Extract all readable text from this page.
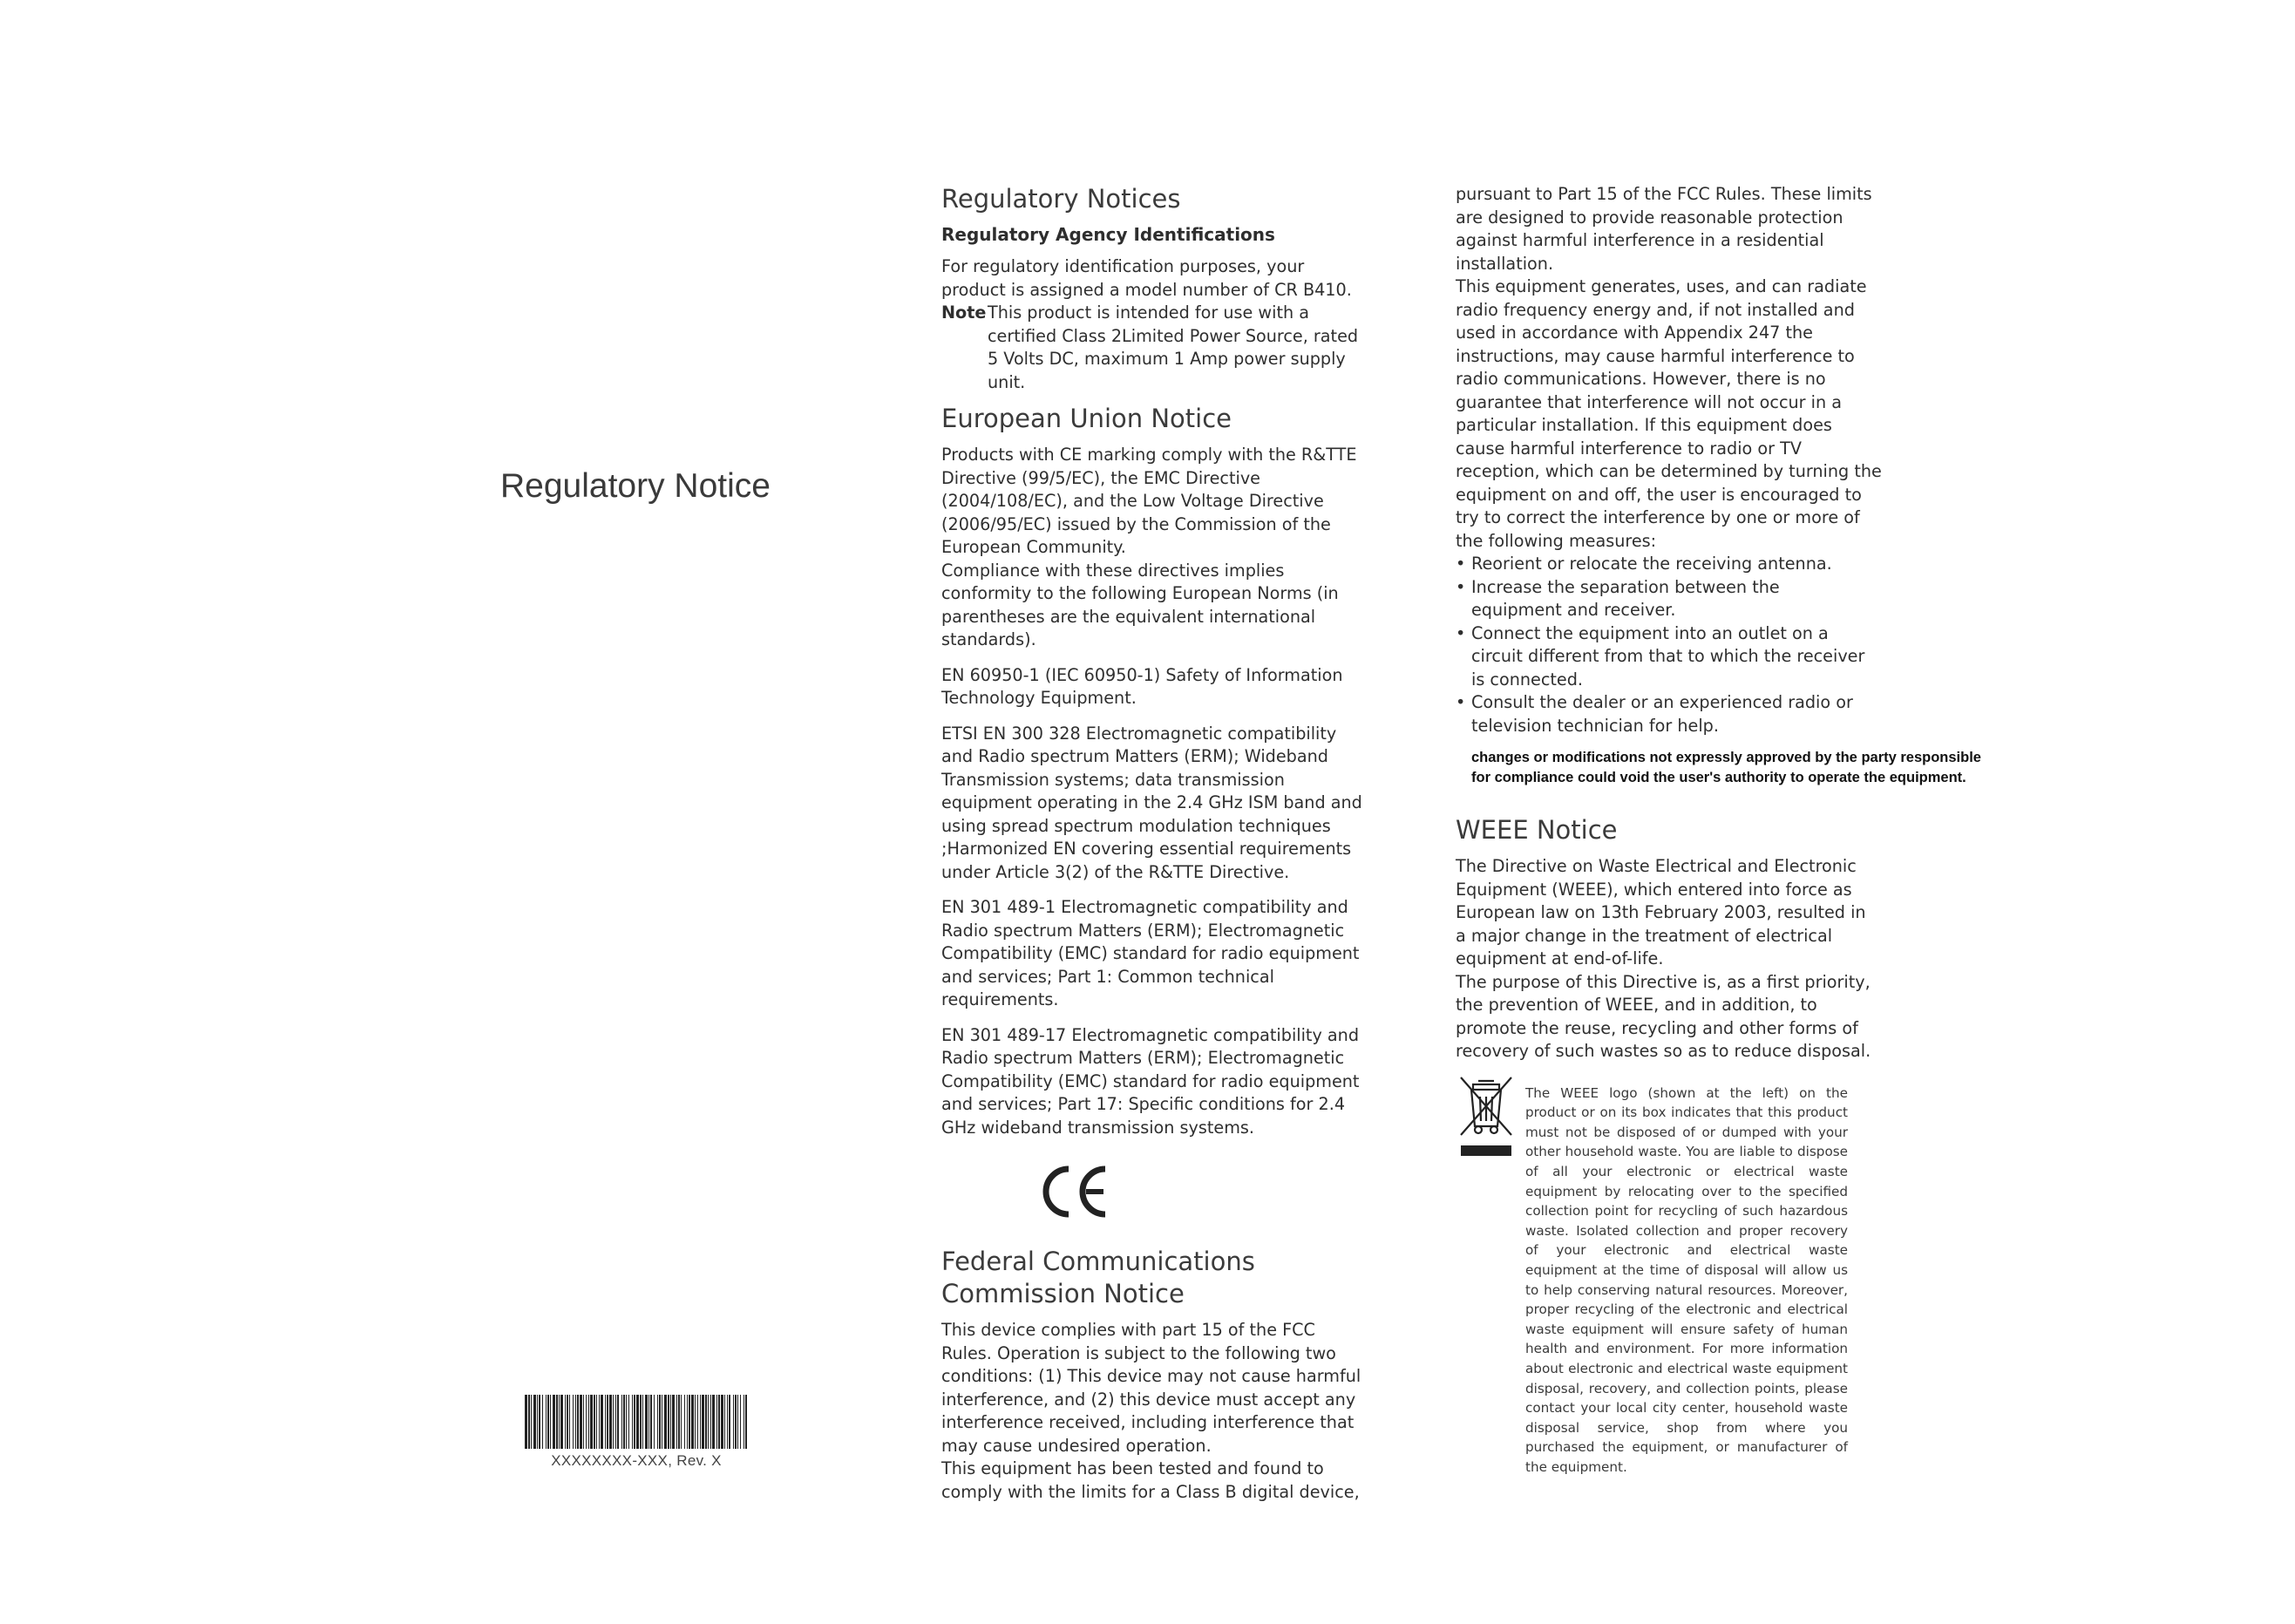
Regulatory Notice
XXXXXXXX-XXX, Rev. X
Regulatory Notices
Regulatory Agency Identifications

For regulatory identification purposes, your product is assigned a model number of CR B410.

Note This product is intended for use with a certified Class 2Limited Power Source, rated 5 Volts DC, maximum 1 Amp power supply unit.
European Union Notice

Products with CE marking comply with the R&TTE Directive (99/5/EC), the EMC Directive (2004/108/EC), and the Low Voltage Directive (2006/95/EC) issued by the Commission of the European Community.

Compliance with these directives implies conformity to the following European Norms (in parentheses are the equivalent international standards).

EN 60950-1 (IEC 60950-1) Safety of Information Technology Equipment.

ETSI EN 300 328 Electromagnetic compatibility and Radio spectrum Matters (ERM); Wideband Transmission systems; data transmission equipment operating in the 2.4 GHz ISM band and using spread spectrum modulation techniques ;Harmonized EN covering essential requirements under Article 3(2) of the R&TTE Directive.

EN 301 489-1 Electromagnetic compatibility and Radio spectrum Matters (ERM); Electromagnetic Compatibility (EMC) standard for radio equipment and services; Part 1: Common technical requirements.

EN 301 489-17 Electromagnetic compatibility and Radio spectrum Matters (ERM); Electromagnetic Compatibility (EMC) standard for radio equipment and services; Part 17: Specific conditions for 2.4 GHz wideband transmission systems.

Federal Communications Commission Notice

This device complies with part 15 of the FCC Rules. Operation is subject to the following two conditions: (1) This device may not cause harmful interference, and (2) this device must accept any interference received, including interference that may cause undesired operation.

This equipment has been tested and found to comply with the limits for a Class B digital device,

pursuant to Part 15 of the FCC Rules. These limits are designed to provide reasonable protection against harmful interference in a residential installation.

This equipment generates, uses, and can radiate radio frequency energy and, if not installed and used in accordance with Appendix 247 the instructions, may cause harmful interference to radio communications. However, there is no guarantee that interference will not occur in a particular installation. If this equipment does cause harmful interference to radio or TV reception, which can be determined by turning the equipment on and off, the user is encouraged to try to correct the interference by one or more of the following measures:

• Reorient or relocate the receiving antenna.
• Increase the separation between the equipment and receiver.
• Connect the equipment into an outlet on a circuit different from that to which the receiver is connected.
• Consult the dealer or an experienced radio or television technician for help.
changes or modifications not expressly approved by the party responsible
for compliance could void the user's authority to operate the equipment.
WEEE Notice

The Directive on Waste Electrical and Electronic Equipment (WEEE), which entered into force as European law on 13th February 2003, resulted in a major change in the treatment of electrical equipment at end-of-life.

The purpose of this Directive is, as a first priority, the prevention of WEEE, and in addition, to promote the reuse, recycling and other forms of recovery of such wastes so as to reduce disposal.

The WEEE logo (shown at the left) on the product or on its box indicates that this product must not be disposed of or dumped with your other household waste. You are liable to dispose of all your electronic or electrical waste equipment by relocating over to the specified collection point for recycling of such hazardous waste. Isolated collection and proper recovery of your electronic and electrical waste equipment at the time of disposal will allow us to help conserving natural resources. Moreover, proper recycling of the electronic and electrical waste equipment will ensure safety of human health and environment. For more information about electronic and electrical waste equipment disposal, recovery, and collection points, please contact your local city center, household waste disposal service, shop from where you purchased the equipment, or manufacturer of the equipment.
